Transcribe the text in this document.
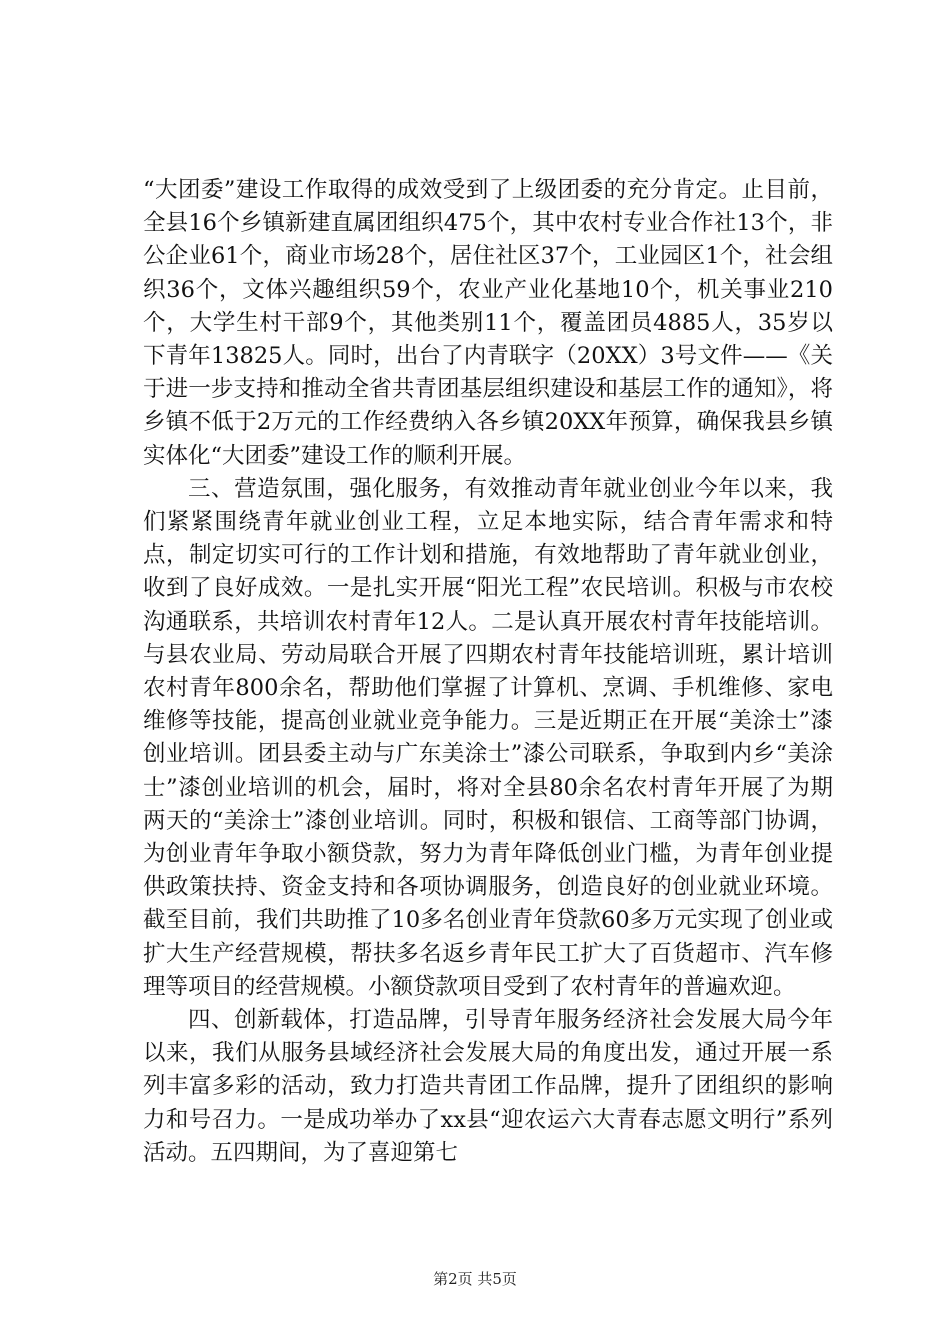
“大团委”建设工作取得的成效受到了上级团委的充分肯定。止目前，全县16个乡镇新建直属团组织475个，其中农村专业合作社13个，非公企业61个，商业市场28个，居住社区37个，工业园区1个，社会组织36个，文体兴趣组织59个，农业产业化基地10个，机关事业210个，大学生村干部9个，其他类别11个，覆盖团员4885人，35岁以下青年13825人。同时，出台了内青联字（20XX）3号文件——《关于进一步支持和推动全省共青团基层组织建设和基层工作的通知》，将乡镇不低于2万元的工作经费纳入各乡镇20XX年预算，确保我县乡镇实体化“大团委”建设工作的顺利开展。

三、营造氛围，强化服务，有效推动青年就业创业今年以来，我们紧紧围绕青年就业创业工程，立足本地实际，结合青年需求和特点，制定切实可行的工作计划和措施，有效地帮助了青年就业创业，收到了良好成效。一是扎实开展“阳光工程”农民培训。积极与市农校沟通联系，共培训农村青年12人。二是认真开展农村青年技能培训。与县农业局、劳动局联合开展了四期农村青年技能培训班，累计培训农村青年800余名，帮助他们掌握了计算机、烹调、手机维修、家电维修等技能，提高创业就业竞争能力。三是近期正在开展“美涂士”漆创业培训。团县委主动与广东美涂士”漆公司联系，争取到内乡“美涂士”漆创业培训的机会，届时，将对全县80余名农村青年开展了为期两天的“美涂士”漆创业培训。同时，积极和银信、工商等部门协调，为创业青年争取小额贷款，努力为青年降低创业门槛，为青年创业提供政策扶持、资金支持和各项协调服务，创造良好的创业就业环境。截至目前，我们共助推了10多名创业青年贷款60多万元实现了创业或扩大生产经营规模，帮扶多名返乡青年民工扩大了百货超市、汽车修理等项目的经营规模。小额贷款项目受到了农村青年的普遍欢迎。

四、创新载体，打造品牌，引导青年服务经济社会发展大局今年以来，我们从服务县域经济社会发展大局的角度出发，通过开展一系列丰富多彩的活动，致力打造共青团工作品牌，提升了团组织的影响力和号召力。一是成功举办了xx县“迎农运六大青春志愿文明行”系列活动。五四期间，为了喜迎第七

第2页 共5页
